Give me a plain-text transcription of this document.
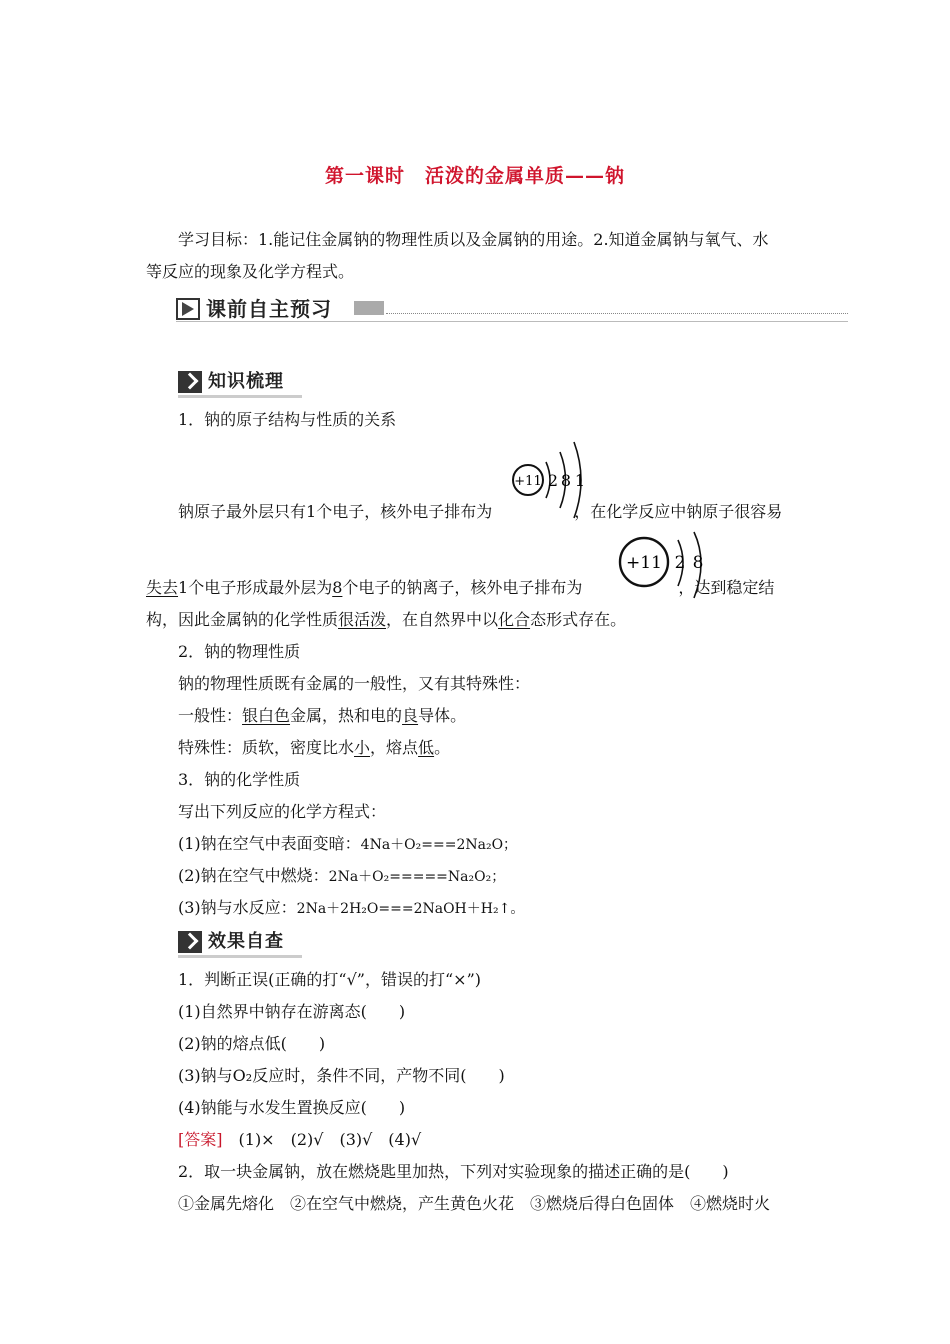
第一课时　活泼的金属单质——钠
学习目标：1.能记住金属钠的物理性质以及金属钠的用途。2.知道金属钠与氧气、水
等反应的现象及化学方程式。
课前自主预习
知识梳理
1．钠的原子结构与性质的关系
+11 2 8 1
钠原子最外层只有1个电子，核外电子排布为	，在化学反应中钠原子很容易
+11 2 8
失去1个电子形成最外层为8个电子的钠离子，核外电子排布为	，达到稳定结
构，因此金属钠的化学性质很活泼，在自然界中以化合态形式存在。
2．钠的物理性质
钠的物理性质既有金属的一般性，又有其特殊性：
一般性：银白色金属，热和电的良导体。
特殊性：质软，密度比水小，熔点低。
3．钠的化学性质
写出下列反应的化学方程式：
(1)钠在空气中表面变暗：4Na＋O₂===2Na₂O；
(2)钠在空气中燃烧：2Na＋O₂=====Na₂O₂；
(3)钠与水反应：2Na＋2H₂O===2NaOH＋H₂↑。
效果自查
1．判断正误(正确的打“√”，错误的打“×”)
(1)自然界中钠存在游离态(　　)
(2)钠的熔点低(　　)
(3)钠与O₂反应时，条件不同，产物不同(　　)
(4)钠能与水发生置换反应(　　)
[答案]　 (1)×　(2)√　(3)√　(4)√
2．取一块金属钠，放在燃烧匙里加热，下列对实验现象的描述正确的是(　　)
①金属先熔化　②在空气中燃烧，产生黄色火花　③燃烧后得白色固体　④燃烧时火
